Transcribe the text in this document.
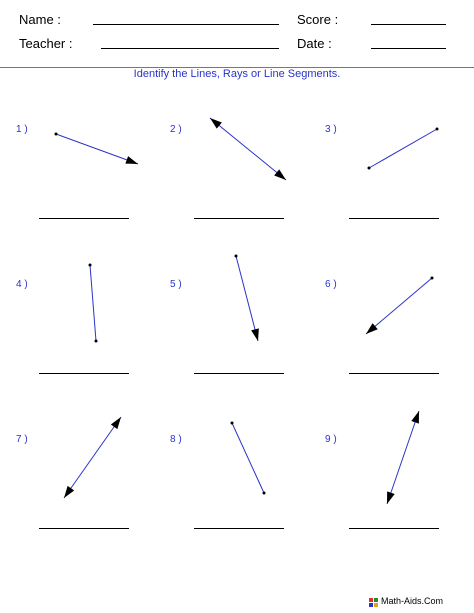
Name :	Score :
Teacher :	Date :
Identify the Lines, Rays or Line Segments.
1 )	2 )	3 )
4 )	5 )	6 )
7 )	8 )	9 )
Math-Aids.Com
